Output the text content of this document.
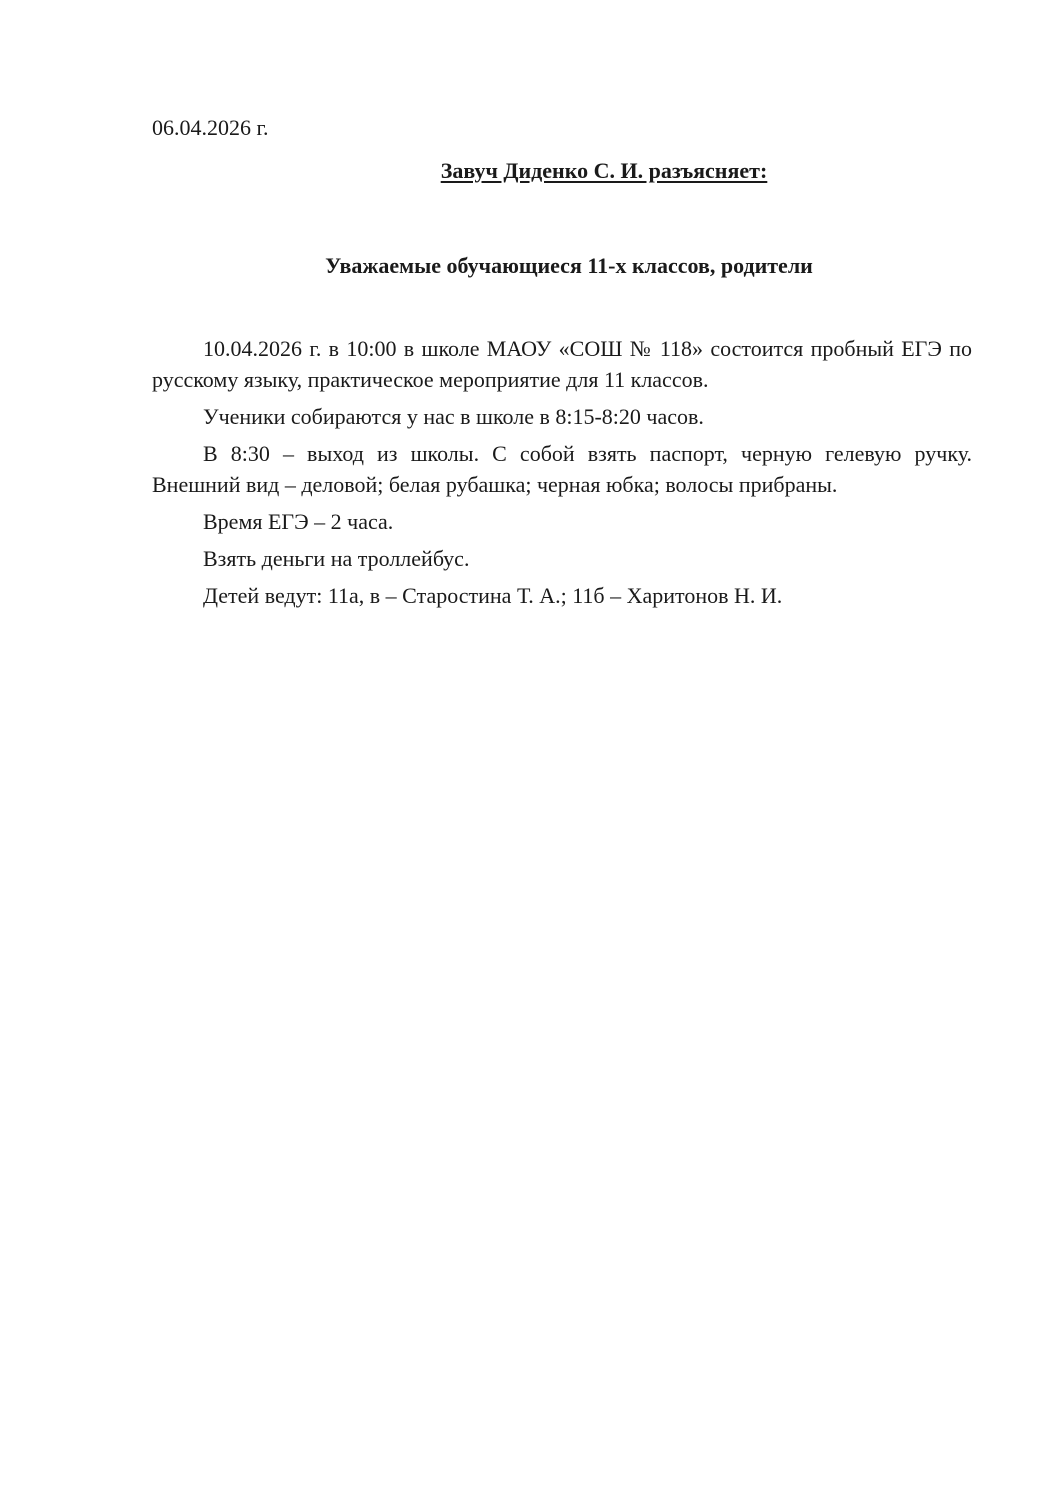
06.04.2026 г.

Завуч Диденко С. И. разъясняет:

Уважаемые обучающиеся 11-х классов, родители

10.04.2026 г. в 10:00 в школе МАОУ «СОШ № 118» состоится пробный ЕГЭ по русскому языку, практическое мероприятие для 11 классов.

Ученики собираются у нас в школе в 8:15-8:20 часов.

В 8:30 – выход из школы. С собой взять паспорт, черную гелевую ручку. Внешний вид – деловой; белая рубашка; черная юбка; волосы прибраны.

Время ЕГЭ – 2 часа.

Взять деньги на троллейбус.

Детей ведут: 11а, в – Старостина Т. А.; 11б – Харитонов Н. И.
